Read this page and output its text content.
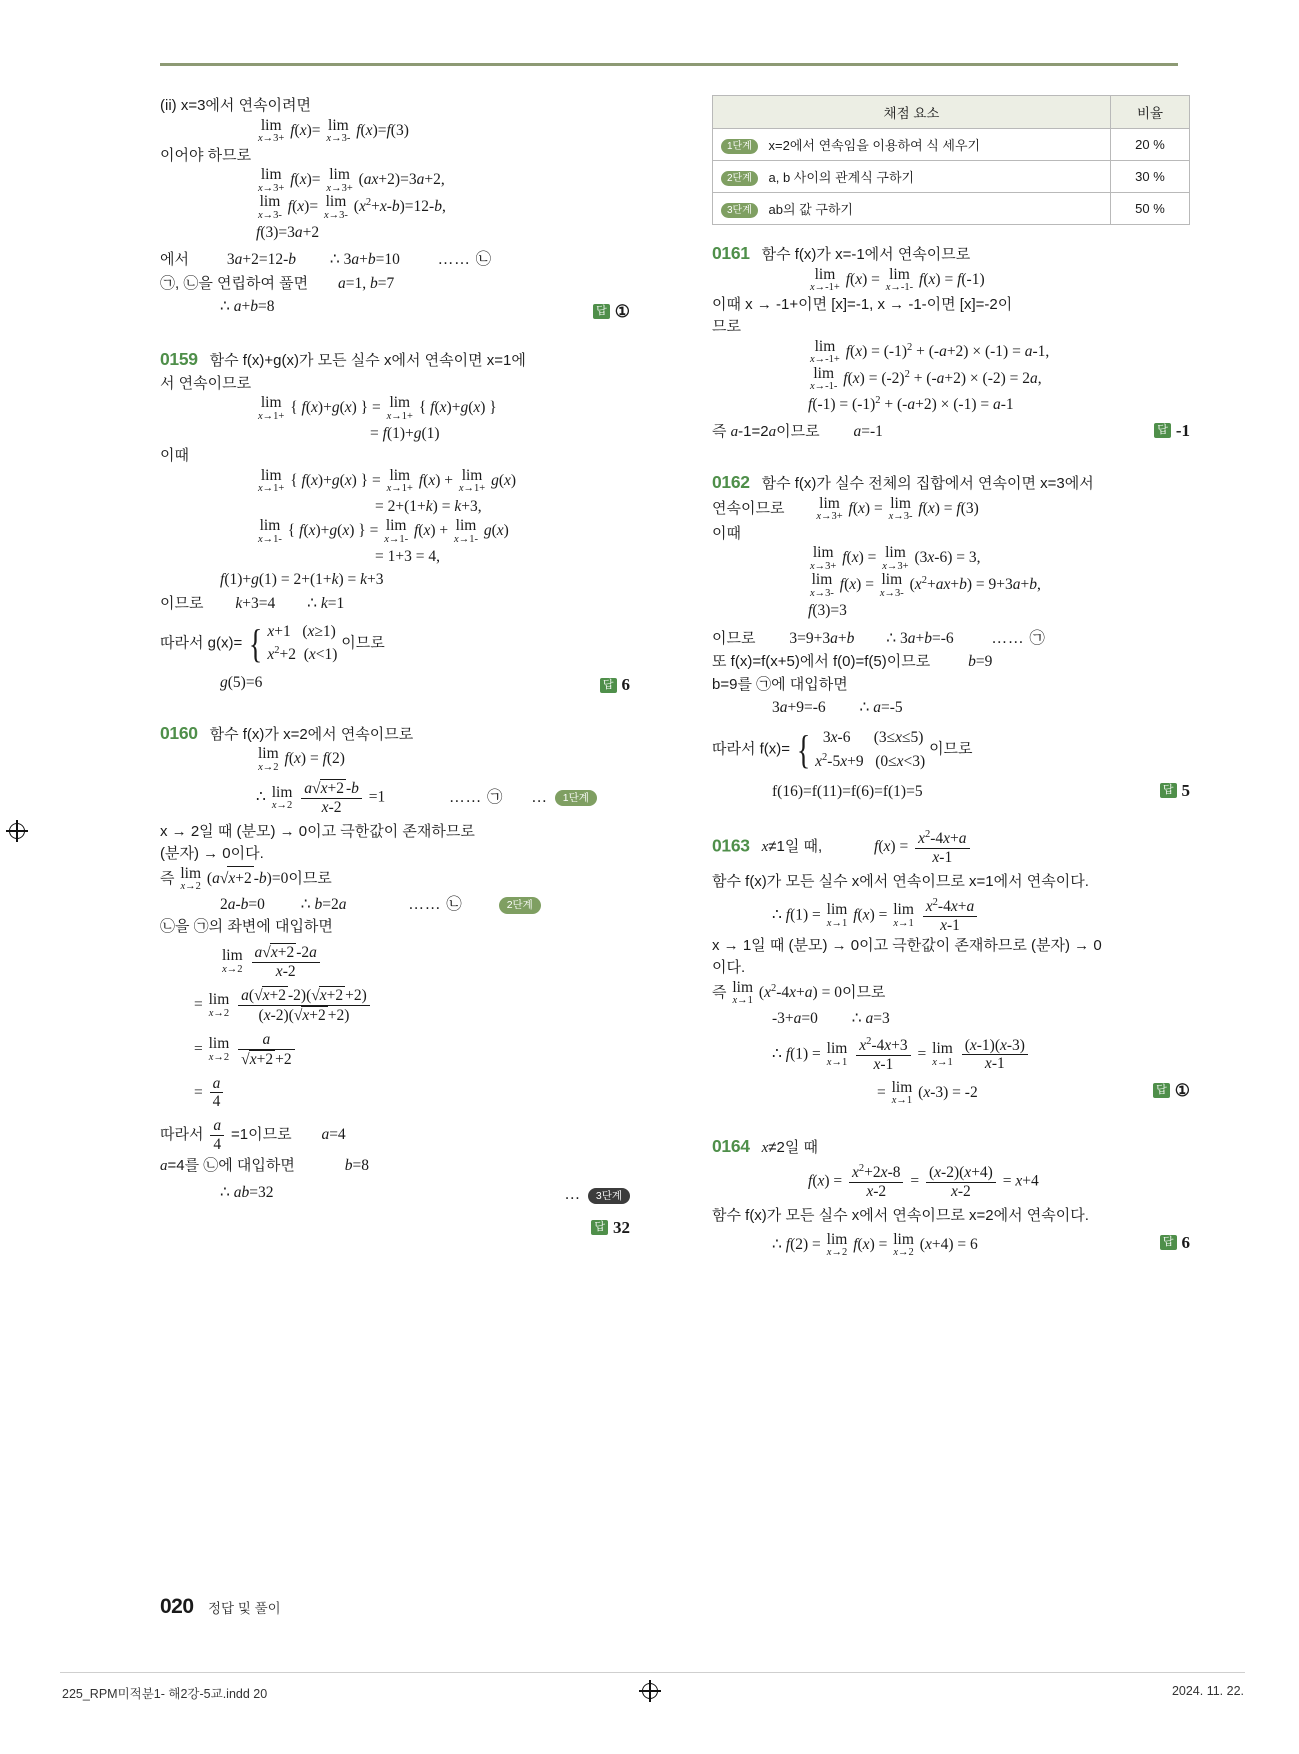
(ii) x=3에서 연속이려면
lim
x→3+ f(x)= lim
x→3- f(x)=f(3)
이어야 하므로
lim
x→3+ f(x)= lim
x→3+ (ax+2)=3a+2,
lim
x→3- f(x)= lim
x→3- $(x^2+x-b)=12-b$,
f(3)=3a+2
에서 3a+2=12-b ∴ 3a+b=10 …… ㉡
㉠, ㉡을 연립하여 풀면 a=1, b=7
∴ a+b=8	답 ①
0159 함수 f(x)+g(x)가 모든 실수 x에서 연속이면 x=1에
서 연속이므로
lim
x→1+ { f(x)+g(x) } = lim
x→1+ { f(x)+g(x) }
= f(1)+g(1)
이때
lim
x→1+ { f(x)+g(x) } = lim
x→1+ f(x) + lim
x→1+ g(x)
= 2+(1+k) = k+3,
lim
x→1- { f(x)+g(x) } = lim
x→1- f(x) + lim
x→1- g(x)
= 1+3 = 4,
f(1)+g(1) = 2+(1+k) = k+3
이므로 k+3=4 ∴ k=1
따라서 g(x)= { x+1   (x≥1)
$x^2+2$  (x<1)
이므로
g(5)=6	답 6
0160 함수 f(x)가 x=2에서 연속이므로
lim
x→2 f(x) = f(2)
∴ lim
x→2
$\frac{a√x+2 -b}{x-2} =1$	…… ㉠ … 1단계
x → 2일 때 (분모) → 0이고 극한값이 존재하므로
(분자) → 0이다.
즉 lim
x→2 (a√x+2 -b)=0이므로
2a-b=0 ∴ b=2a	…… ㉡	2단계
㉡을 ㉠의 좌변에 대입하면
lim
x→2
$\frac{a√x+2 -2a}{x-2}$
= lim
x→2
$\frac{a(√x+2 -2)(√x+2 +2)}{(x-2)(√x+2 +2)}$
= lim
x→2
$\frac{a}{√x+2 +2}$
= $\frac{a}{4}$
따라서 $\frac{a}{4} =1$이므로 a=4
a=4를 ㉡에 대입하면	b=8
∴ ab=32	… 3단계
답 32
채점 요소	비율
1단계 x=2에서 연속임을 이용하여 식 세우기	20 %
2단계 a, b 사이의 관계식 구하기	30 %
3단계 ab의 값 구하기	50 %
0161 함수 f(x)가 x=-1에서 연속이므로
lim
x→-1+ f(x) = lim
x→-1- f(x) = f(-1)
이때 x → -1+이면 [x]=-1, x → -1-이면 [x]=-2이
므로
lim
$x\to-1+ f(x) = (-1)^2 + (-a+2) \times (-1) = a-1$,
lim
x→-1- $f(x) = (-2)^2 + (-a+2) \times (-2) = 2a$,
$f(-1) = (-1)^2 + (-a+2) \times (-1) = a-1$
즉 a-1=2a이므로 a=-1	답 -1
0162 함수 f(x)가 실수 전체의 집합에서 연속이면 x=3에서
연속이므로 lim
x→3+ f(x) = lim
x→3- f(x) = f(3)
이때
lim
x→3+ f(x) = lim
x→3+ (3x-6) = 3,
lim
x→3- f(x) = lim
x→3- $(x^2+ax+b) = 9+3a+b$,
f(3)=3
이므로 3=9+3a+b ∴ 3a+b=-6 …… ㉠
또 f(x)=f(x+5)에서 f(0)=f(5)이므로 b=9
b=9를 ㉠에 대입하면
3a+9=-6 ∴ a=-5
따라서 f(x)= { 3x-6      (3≤x≤5)
$x^2-5x+9$   (0≤x<3)
이므로
f(16)=f(11)=f(6)=f(1)=5	답 5
0163 x≠1일 때,	$f(x) = \frac{x^2-4x+a}{x-1}$
함수 f(x)가 모든 실수 x에서 연속이므로 x=1에서 연속이다.
∴ f(1) = lim
x→1 f(x) = lim
x→1
$\frac{x^2-4x+a}{x-1}$
x → 1일 때 (분모) → 0이고 극한값이 존재하므로 (분자) → 0
이다.
즉 lim
x→1 $(x^2-4x+a) = 0$이므로
-3+a=0 ∴ a=3
∴ f(1) = lim
x→1
$\frac{x^2-4x+3}{x-1} = \lim$
x→1
$\frac{(x-1)(x-3)}{x-1}$
= lim
x→1 (x-3) = -2	답 ①
0164 x≠2일 때
$f(x) = \frac{x^2+2x-8}{x-2} = \frac{(x-2)(x+4)}{x-2} = x+4$
함수 f(x)가 모든 실수 x에서 연속이므로 x=2에서 연속이다.
∴ f(2) = lim
x→2 f(x) = lim
x→2 (x+4) = 6	답 6
020 정답 및 풀이
225_RPM미적분1- 해2강-5교.indd 20	2024. 11. 22.
